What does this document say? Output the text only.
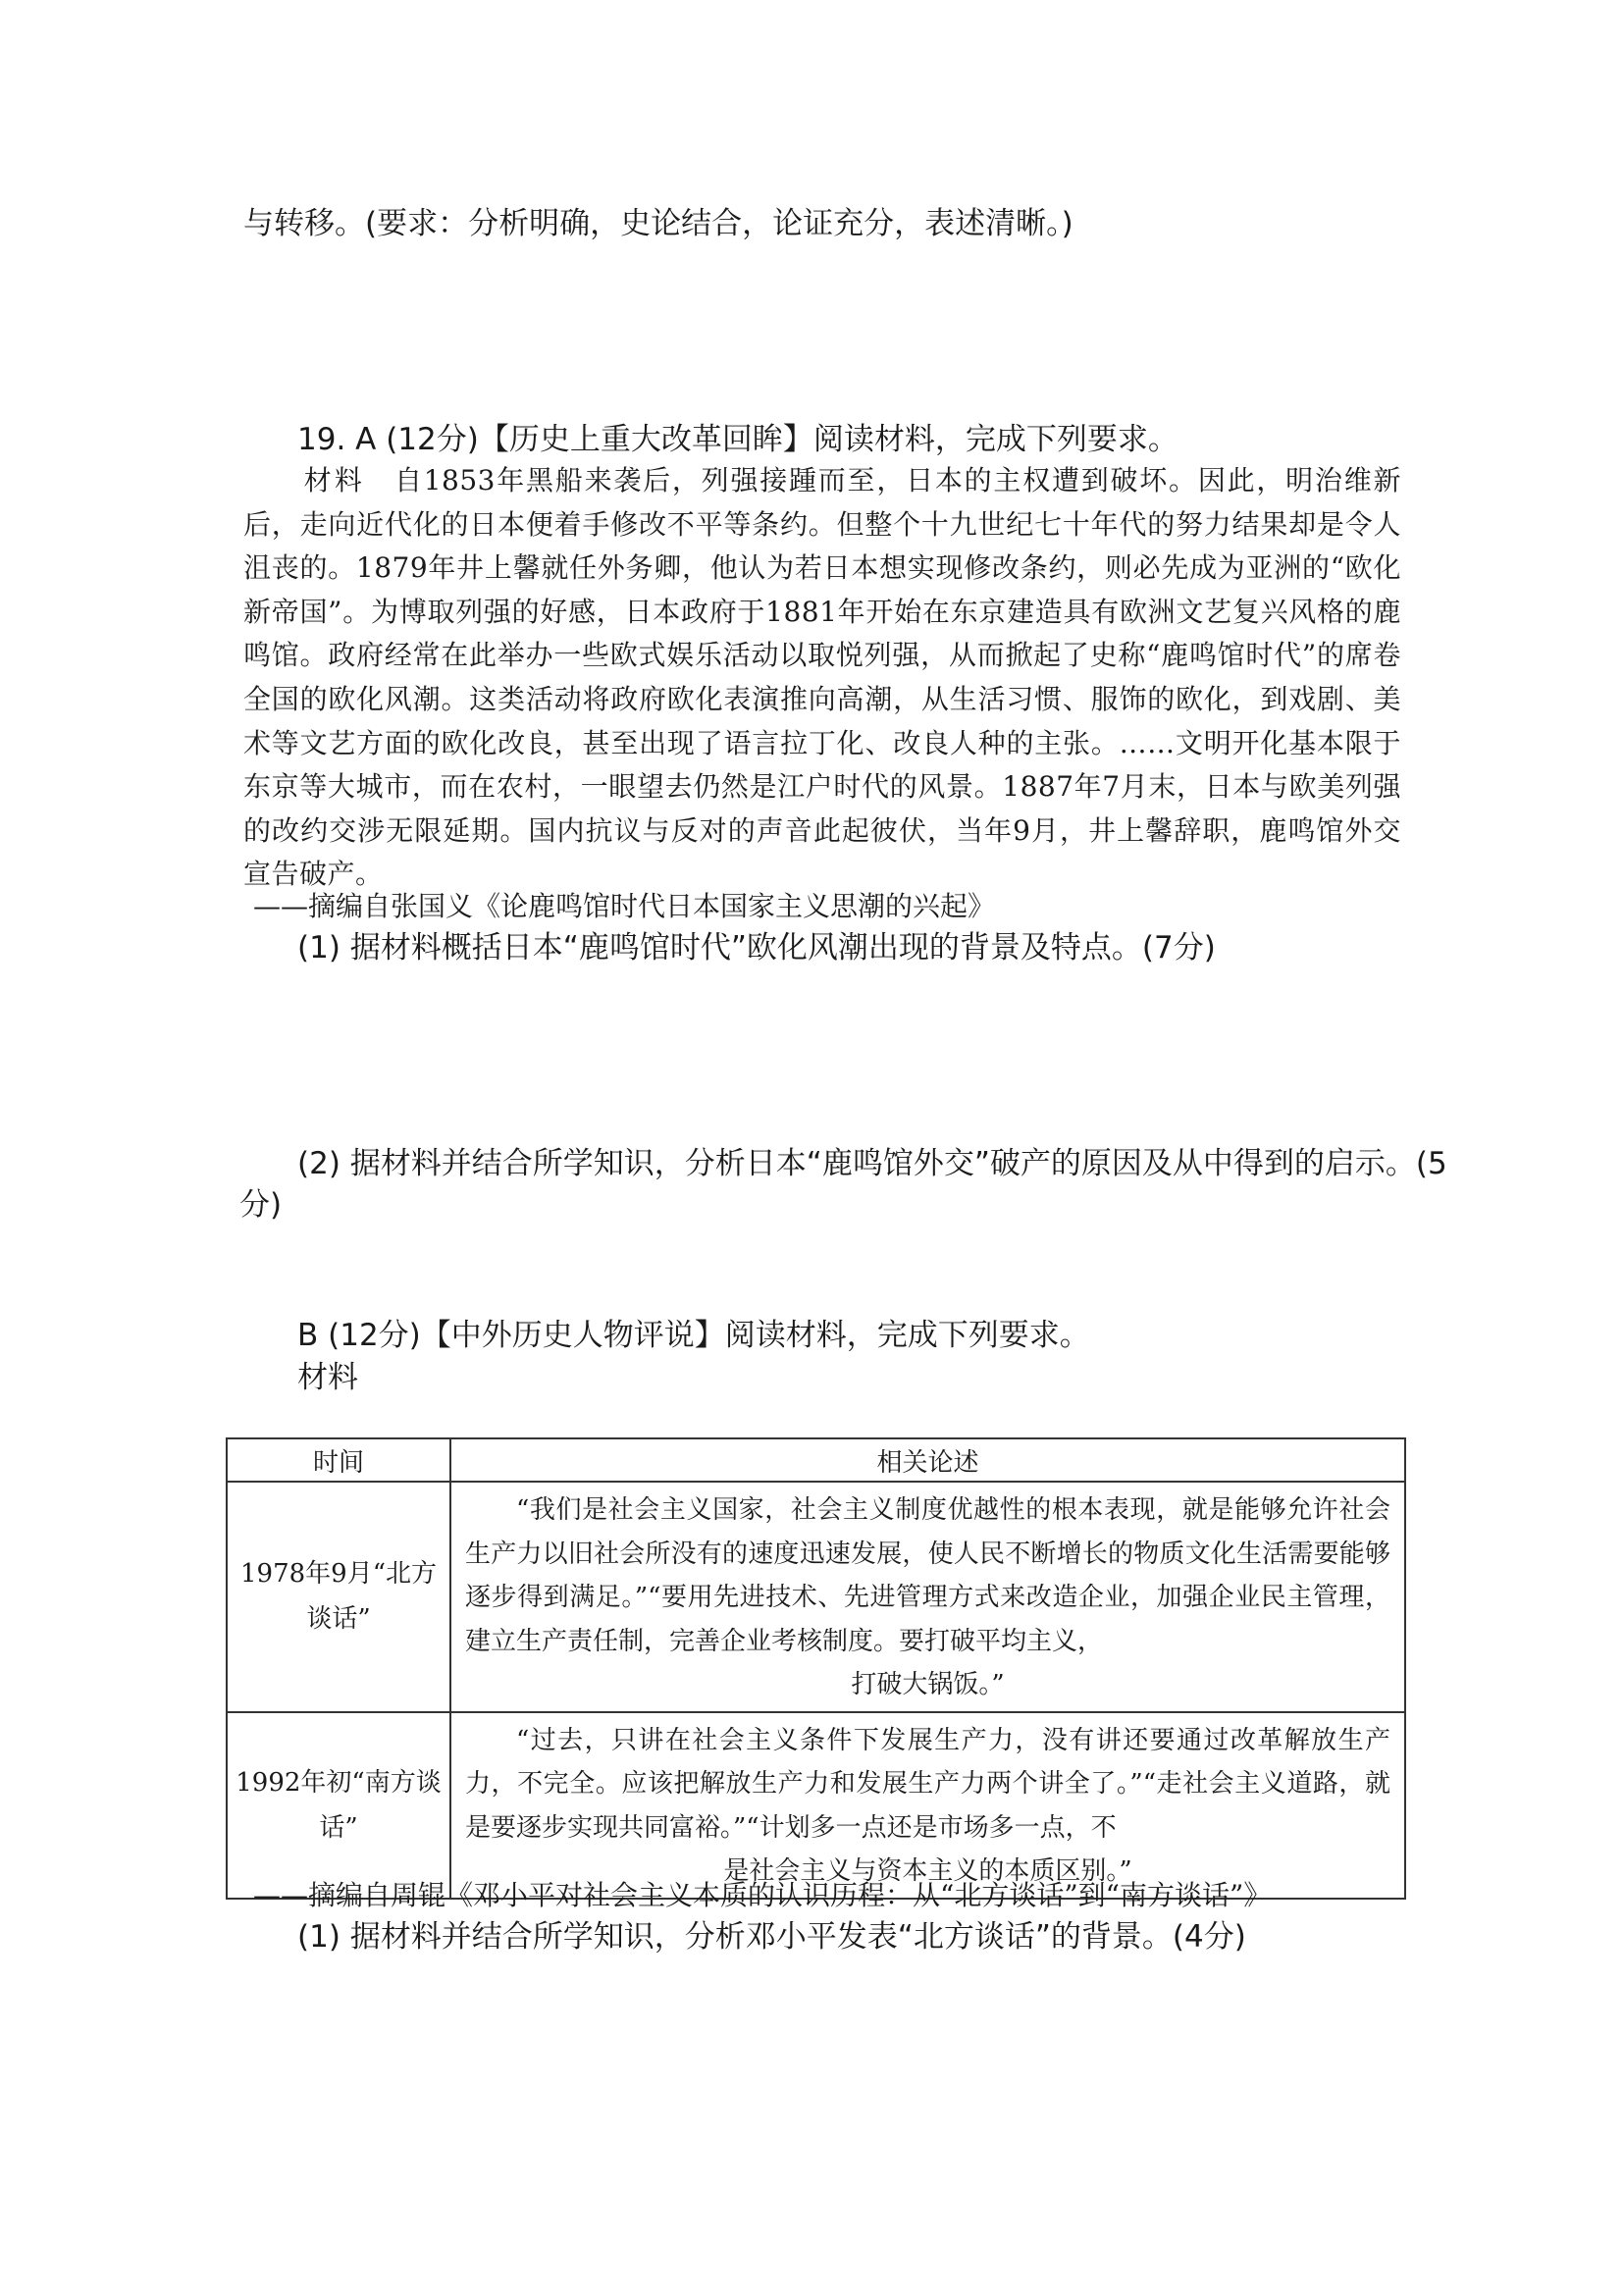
与转移。(要求：分析明确，史论结合，论证充分，表述清晰。)
19. A (12分)【历史上重大改革回眸】阅读材料，完成下列要求。
材料　 自1853年黑船来袭后，列强接踵而至，日本的主权遭到破坏。因此，明治维新后，走向近代化的日本便着手修改不平等条约。但整个十九世纪七十年代的努力结果却是令人沮丧的。1879年井上馨就任外务卿，他认为若日本想实现修改条约，则必先成为亚洲的“欧化新帝国”。为博取列强的好感，日本政府于1881年开始在东京建造具有欧洲文艺复兴风格的鹿鸣馆。政府经常在此举办一些欧式娱乐活动以取悦列强，从而掀起了史称“鹿鸣馆时代”的席卷全国的欧化风潮。这类活动将政府欧化表演推向高潮，从生活习惯、服饰的欧化，到戏剧、美术等文艺方面的欧化改良，甚至出现了语言拉丁化、改良人种的主张。……文明开化基本限于东京等大城市，而在农村，一眼望去仍然是江户时代的风景。1887年7月末，日本与欧美列强的改约交涉无限延期。国内抗议与反对的声音此起彼伏，当年9月，井上馨辞职，鹿鸣馆外交宣告破产。
——摘编自张国义《论鹿鸣馆时代日本国家主义思潮的兴起》
(1) 据材料概括日本“鹿鸣馆时代”欧化风潮出现的背景及特点。(7分)
(2) 据材料并结合所学知识，分析日本“鹿鸣馆外交”破产的原因及从中得到的启示。(5
分)
B (12分)【中外历史人物评说】阅读材料，完成下列要求。
材料
时间	相关论述
1978年9月“北方谈话”	“我们是社会主义国家，社会主义制度优越性的根本表现，就是能够允许社会生产力以旧社会所没有的速度迅速发展，使人民不断增长的物质文化生活需要能够逐步得到满足。”“要用先进技术、先进管理方式来改造企业，加强企业民主管理，建立生产责任制，完善企业考核制度。要打破平均主义，
打破大锅饭。”

1992年初“南方谈话”	“过去，只讲在社会主义条件下发展生产力，没有讲还要通过改革解放生产力，不完全。应该把解放生产力和发展生产力两个讲全了。”“走社会主义道路，就是要逐步实现共同富裕。”“计划多一点还是市场多一点，不
是社会主义与资本主义的本质区别。”
——摘编自周锟《邓小平对社会主义本质的认识历程：从“北方谈话”到“南方谈话”》
(1) 据材料并结合所学知识，分析邓小平发表“北方谈话”的背景。(4分)
